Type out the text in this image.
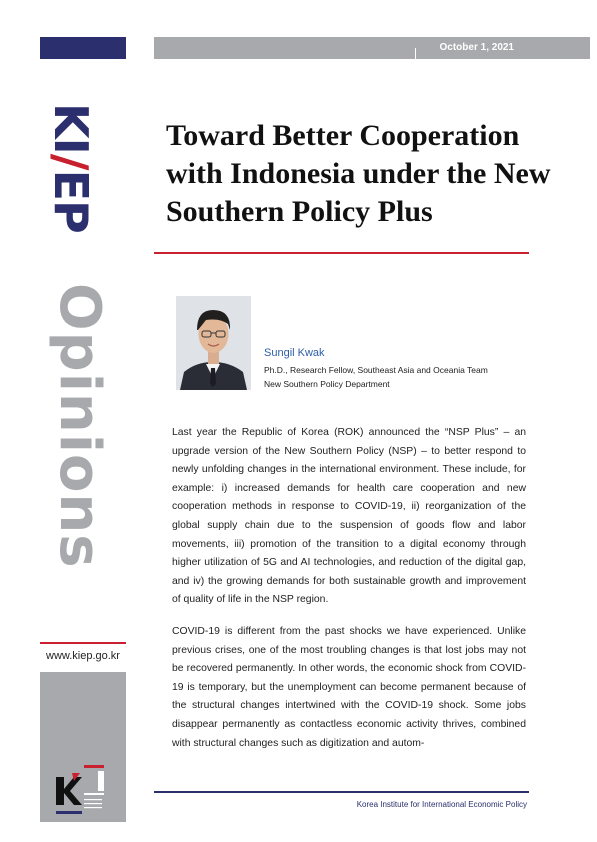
October 1, 2021
KI/EP
Opinions
www.kiep.go.kr
Toward Better Cooperation with Indonesia under the New Southern Policy Plus
Sungil Kwak
Ph.D., Research Fellow, Southeast Asia and Oceania Team
New Southern Policy Department
Last year the Republic of Korea (ROK) announced the “NSP Plus” – an upgrade version of the New Southern Policy (NSP) – to better respond to newly unfolding changes in the international environment. These include, for example: i) increased demands for health care cooperation and new cooperation methods in response to COVID-19, ii) reorganization of the global supply chain due to the suspension of goods flow and labor movements, iii) promotion of the transition to a digital economy through higher utilization of 5G and AI technologies, and reduction of the digital gap, and iv) the growing demands for both sustainable growth and improvement of quality of life in the NSP region.
COVID-19 is different from the past shocks we have experienced. Unlike previous crises, one of the most troubling changes is that lost jobs may not be recovered permanently. In other words, the economic shock from COVID-19 is temporary, but the unemployment can become permanent because of the structural changes intertwined with the COVID-19 shock. Some jobs disappear permanently as contactless economic activity thrives, combined with structural changes such as digitization and autom-
Korea Institute for International Economic Policy
